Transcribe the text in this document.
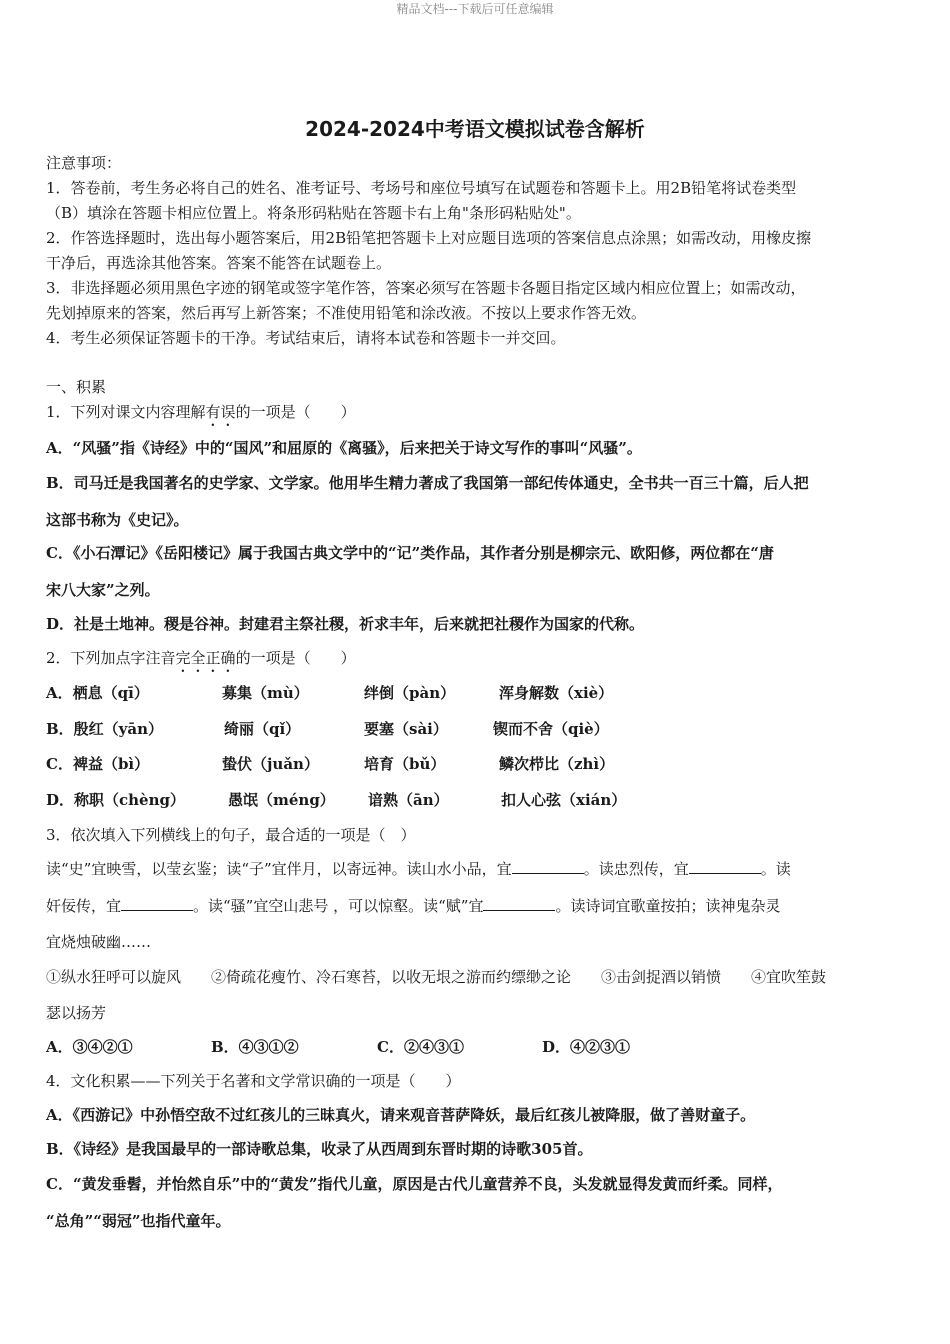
精品文档---下载后可任意编辑
2024-2024中考语文模拟试卷含解析
注意事项：
1．答卷前，考生务必将自己的姓名、准考证号、考场号和座位号填写在试题卷和答题卡上。用2B铅笔将试卷类型
（B）填涂在答题卡相应位置上。将条形码粘贴在答题卡右上角"条形码粘贴处"。
2．作答选择题时，选出每小题答案后，用2B铅笔把答题卡上对应题目选项的答案信息点涂黑；如需改动，用橡皮擦
干净后，再选涂其他答案。答案不能答在试题卷上。
3．非选择题必须用黑色字迹的钢笔或签字笔作答，答案必须写在答题卡各题目指定区域内相应位置上；如需改动，
先划掉原来的答案，然后再写上新答案；不准使用铅笔和涂改液。不按以上要求作答无效。
4．考生必须保证答题卡的干净。考试结束后，请将本试卷和答题卡一并交回。
一、积累
1．下列对课文内容理解有误的一项是（　　）
A．“风骚”指《诗经》中的“国风”和屈原的《离骚》，后来把关于诗文写作的事叫“风骚”。
B．司马迁是我国著名的史学家、文学家。他用毕生精力著成了我国第一部纪传体通史，全书共一百三十篇，后人把
这部书称为《史记》。
C．《小石潭记》《岳阳楼记》属于我国古典文学中的“记”类作品，其作者分别是柳宗元、欧阳修，两位都在“唐
宋八大家”之列。
D．社是土地神。稷是谷神。封建君主祭社稷，祈求丰年，后来就把社稷作为国家的代称。
2．下列加点字注音完全正确的一项是（　　）
A．栖息（qī）	募集（mù）	绊倒（pàn）	浑身解数（xiè）
B．殷红（yān）	绮丽（qǐ）	要塞（sài）	锲而不舍（qiè）
C．裨益（bì）	蛰伏（juǎn）	培育（bǔ）	鳞次栉比（zhì）
D．称职（chèng）	愚氓（méng） 谙熟（ān）	扣人心弦（xián）
3．依次填入下列横线上的句子，最合适的一项是（　）
读“史”宜映雪，以莹玄鉴；读“子”宜伴月，以寄远神。读山水小品，宜	。读忠烈传，宜	。读
奸佞传，宜	。读“骚”宜空山悲号 ，可以惊壑。读“赋”宜	。读诗词宜歌童按拍；读神鬼杂灵
宜烧烛破幽……
①纵水狂呼可以旋风　　②倚疏花瘦竹、冷石寒苔，以收无垠之游而约缥缈之论　　③击剑捉酒以销愤　　④宜吹笙鼓
瑟以扬芳
A．③④②①	B．④③①②	C．②④③①	D．④②③①
4．文化积累——下列关于名著和文学常识确的一项是（　　）
A．《西游记》中孙悟空敌不过红孩儿的三昧真火，请来观音菩萨降妖，最后红孩儿被降服，做了善财童子。
B．《诗经》是我国最早的一部诗歌总集，收录了从西周到东晋时期的诗歌305首。
C．“黄发垂髫，并怡然自乐”中的“黄发”指代儿童，原因是古代儿童营养不良，头发就显得发黄而纤柔。同样，
“总角”“弱冠”也指代童年。
